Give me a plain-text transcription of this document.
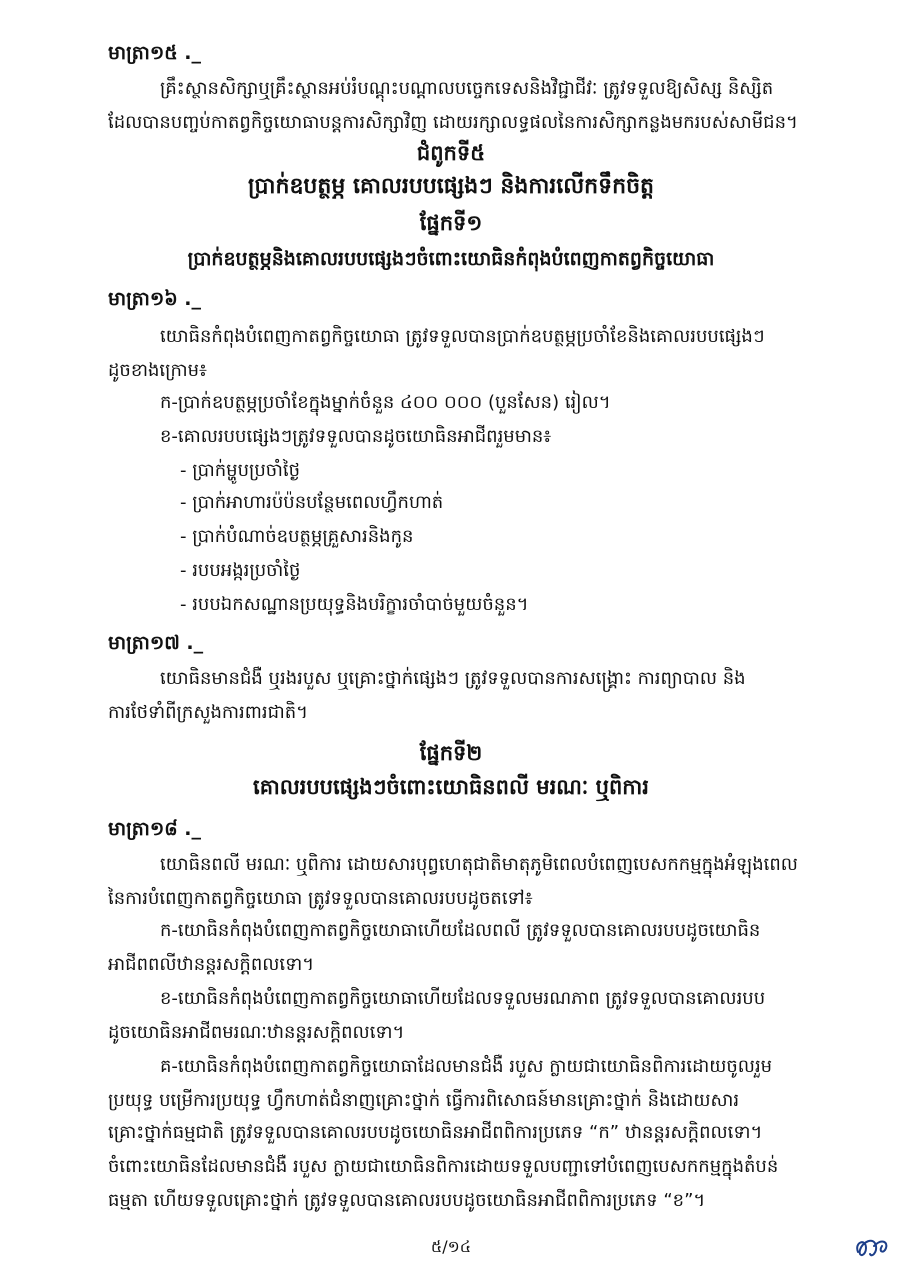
មាត្រា១៥ ._
គ្រឹះស្ថានសិក្សាឬគ្រឹះស្ថានអប់រំបណ្តុះបណ្តាលបច្ចេកទេសនិងវិជ្ជាជីវៈ ត្រូវទទួលឱ្យសិស្ស និស្សិត
ដែលបានបញ្ចប់កាតព្វកិច្ចយោធាបន្តការសិក្សាវិញ ដោយរក្សាលទ្ធផលនៃការសិក្សាកន្លងមករបស់សាមីជន។
ជំពូកទី៥
ប្រាក់ឧបត្ថម្ភ គោលរបបផ្សេងៗ និងការលើកទឹកចិត្ត
ផ្នែកទី១
ប្រាក់ឧបត្ថម្ភនិងគោលរបបផ្សេងៗចំពោះយោធិនកំពុងបំពេញកាតព្វកិច្ចយោធា
មាត្រា១៦ ._
យោធិនកំពុងបំពេញកាតព្វកិច្ចយោធា ត្រូវទទួលបានប្រាក់ឧបត្ថម្ភប្រចាំខែនិងគោលរបបផ្សេងៗ
ដូចខាងក្រោម៖
ក-ប្រាក់ឧបត្ថម្ភប្រចាំខែក្នុងម្នាក់ចំនួន ៤០០ ០០០ (បួនសែន) រៀល។
ខ-គោលរបបផ្សេងៗត្រូវទទួលបានដូចយោធិនអាជីពរួមមាន៖
- ប្រាក់ម្ហូបប្រចាំថ្ងៃ
- ប្រាក់អាហារប៉ប៉នបន្ថែមពេលហ្វឹកហាត់
- ប្រាក់បំណាច់ឧបត្ថម្ភគ្រួសារនិងកូន
- របបអង្ករប្រចាំថ្ងៃ
- របបឯកសណ្ឋានប្រយុទ្ធនិងបរិក្ខារចាំបាច់មួយចំនួន។
មាត្រា១៧ ._
យោធិនមានជំងឺ ឬរងរបួស ឬគ្រោះថ្នាក់ផ្សេងៗ ត្រូវទទួលបានការសង្គ្រោះ ការព្យាបាល និង
ការថែទាំពីក្រសួងការពារជាតិ។
ផ្នែកទី២
គោលរបបផ្សេងៗចំពោះយោធិនពលី មរណៈ ឬពិការ
មាត្រា១៨ ._
យោធិនពលី មរណៈ ឬពិការ ដោយសារបុព្វហេតុជាតិមាតុភូមិពេលបំពេញបេសកកម្មក្នុងអំឡុងពេល
នៃការបំពេញកាតព្វកិច្ចយោធា ត្រូវទទួលបានគោលរបបដូចតទៅ៖
ក-យោធិនកំពុងបំពេញកាតព្វកិច្ចយោធាហើយដែលពលី ត្រូវទទួលបានគោលរបបដូចយោធិន
អាជីពពលីឋានន្តរសក្តិពលទោ។
ខ-យោធិនកំពុងបំពេញកាតព្វកិច្ចយោធាហើយដែលទទួលមរណភាព ត្រូវទទួលបានគោលរបប
ដូចយោធិនអាជីពមរណៈឋានន្តរសក្តិពលទោ។
គ-យោធិនកំពុងបំពេញកាតព្វកិច្ចយោធាដែលមានជំងឺ របួស ក្លាយជាយោធិនពិការដោយចូលរួម
ប្រយុទ្ធ បម្រើការប្រយុទ្ធ ហ្វឹកហាត់ជំនាញគ្រោះថ្នាក់ ធ្វើការពិសោធន៍មានគ្រោះថ្នាក់ និងដោយសារ
គ្រោះថ្នាក់ធម្មជាតិ ត្រូវទទួលបានគោលរបបដូចយោធិនអាជីពពិការប្រភេទ “ក” ឋានន្តរសក្តិពលទោ។
ចំពោះយោធិនដែលមានជំងឺ របួស ក្លាយជាយោធិនពិការដោយទទួលបញ្ជាទៅបំពេញបេសកកម្មក្នុងតំបន់
ធម្មតា ហើយទទួលគ្រោះថ្នាក់ ត្រូវទទួលបានគោលរបបដូចយោធិនអាជីពពិការប្រភេទ “ខ”។
៥/១៤
